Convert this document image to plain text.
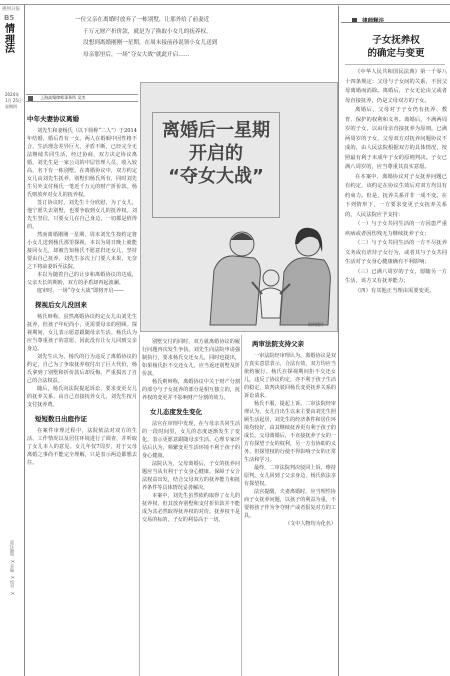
惠州日报
B5
情理
法
2024年
1月 25日
星期四
责任编辑：X 美编：X 校对：X
一位父亲在离婚时放弃了一栋别墅，让那外给了前妻近
千万元财产折价款，就是为了换取小女儿的抚养权。
没想到离婚刚刚一星期，在周末接前孙说领小女儿送到
母亲那里后，一场“夺女大战”就此开启……
$^{上海高聚律师事务所 吴杰}$
离婚后一星期
开启的
“夺女大战”
资料图片
中年夫妻协议离婚
刘先生和妻杨氏（以下简称“二人”）于2014年结婚，婚后育有一女。两人在婚姻中因性格不合、生活理念差异巨大，矛盾不断，已经完全无法继续共同生活，经过协商，双方决定协议离婚。刘先生是一家公司的中层管理人员，收入较高，名下有一栋别墅。在离婚协议中，双方约定女儿由刘先生抚养，别墅归杨氏所有，同时刘先生另外支付杨氏一笔近千万元的财产折价款。杨氏则放弃对女儿的抚养权。
签订协议时，刘先生十分欣慰，为了女儿，他宁愿失去别墅，也要争取到女儿的抚养权。刘先生坚信，只要女儿在自己身边，一切都是值得的。
然而离婚刚刚一星期，周末刘先生按约定将小女儿送到杨氏那里探视，本以为周日晚上就能接回女儿，却被告知杨氏不愿意归还女儿，坚持要由自己抚养。刘先生多次上门要人未果，无奈之下将前妻诉至法院。
本以为随着自己的让步和离婚协议的达成，父亲天长的期盼，双方的矛盾却再起波澜。
庭审时，一场“夺女大战”即将开启——
探视后女儿没回来
杨氏辩称，虽然离婚协议约定女儿由刘先生抚养，但孩子年纪尚小，更需要母亲的照顾。探视期间，女儿表示愿意跟随母亲生活。杨氏认为应当尊重孩子的意愿，因此没有让女儿回到父亲身边。
刘先生认为，杨氏的行为违反了离婚协议的约定，自己为了争取抚养权付出了巨大代价，杨氏拿到了别墅和折价款后却反悔，严重损害了自己的合法权益。
随后，杨氏向法院提起诉讼，要求变更女儿的抚养关系，由自己直接抚养女儿，刘先生按月支付抚养费。
短短数日出庭作证
在案件审理过程中，法院依法对双方的生活、工作情况以及居住环境进行了调查，并听取了女儿本人的意见。女儿年仅7周岁，对于父母离婚之事尚不能完全理解，只是表示两边都想去住。
别墅交付的同时，双方就离婚协议的履行问题再次发生争执。刘先生向法院申请强制执行，要求杨氏交还女儿，同时也提出，如果杨氏拒不交还女儿，应当返还别墅及折价款。
杨氏则辩称，离婚协议中关于财产分割的部分与子女抚养的部分是相互独立的，抚养权的变更并不影响财产分割的效力。
女儿态度发生变化
法官在审理中发现，在与母亲共同生活的一段时间里，女儿的态度逐渐发生了变化，表示更愿意跟随母亲生活。心理专家评估后认为，频繁变更生活环境不利于孩子的身心健康。
法院认为，父母离婚后，子女的抚养问题应当从有利于子女身心健康、保障子女合法权益出发，结合父母双方的抚养能力和抚养条件等具体情况妥善解决。
本案中，刘先生虽然依约取得了女儿的抚养权，但其放弃别墅和支付折价款并不能成为其必然取得抚养权的对价。抚养权不是交易的标的，子女的利益高于一切。
两审法院支持父亲
一审法院经审理认为，离婚协议是双方真实意思表示，合法有效，双方均应当依约履行。杨氏在探视期间拒不交还女儿，违反了协议约定，亦不利于孩子生活的稳定，故判决驳回杨氏变更抚养关系的诉讼请求。
杨氏不服，提起上诉。二审法院经审理认为，女儿自出生以来主要由刘先生照顾生活起居，刘先生的经济条件和居住环境均较好，由其继续抚养更有利于孩子的成长。父母离婚后，不直接抚养子女的一方有探望子女的权利，另一方有协助的义务，但探望权的行使不得影响子女的正常生活和学习。
最终，二审法院判决驳回上诉，维持原判。女儿回到了父亲身边，杨氏依法享有探望权。
法官提醒，夫妻离婚时，应当理性协商子女抚养问题，以孩子的利益为重，不要将孩子作为争夺财产或者报复对方的工具。
（文中人物均为化名）
子女抚养权
的确定与变更
《中华人民共和国民法典》第一千零八十四条规定：父母与子女间的关系，不因父母离婚而消除。离婚后，子女无论由父或者母直接抚养，仍是父母双方的子女。
离婚后，父母对于子女仍有抚养、教育、保护的权利和义务。离婚后，不满两周岁的子女，以由母亲直接抚养为原则。已满两周岁的子女，父母双方对抚养问题协议不成的，由人民法院根据双方的具体情况，按照最有利于未成年子女的原则判决。子女已满八周岁的，应当尊重其真实意愿。
在本案中，离婚协议对子女抚养问题已有约定，该约定在协议生效后对双方均具有约束力。但是，抚养关系并非一成不变。在下列情形下，一方要求变更子女抚养关系的，人民法院应予支持：
（一）与子女共同生活的一方因患严重疾病或者因伤残无力继续抚养子女；
（二）与子女共同生活的一方不尽抚养义务或有虐待子女行为，或者其与子女共同生活对子女身心健康确有不利影响；
（三）已满八周岁的子女，愿随另一方生活，该方又有抚养能力；
（四）有其他正当理由需要变更。
